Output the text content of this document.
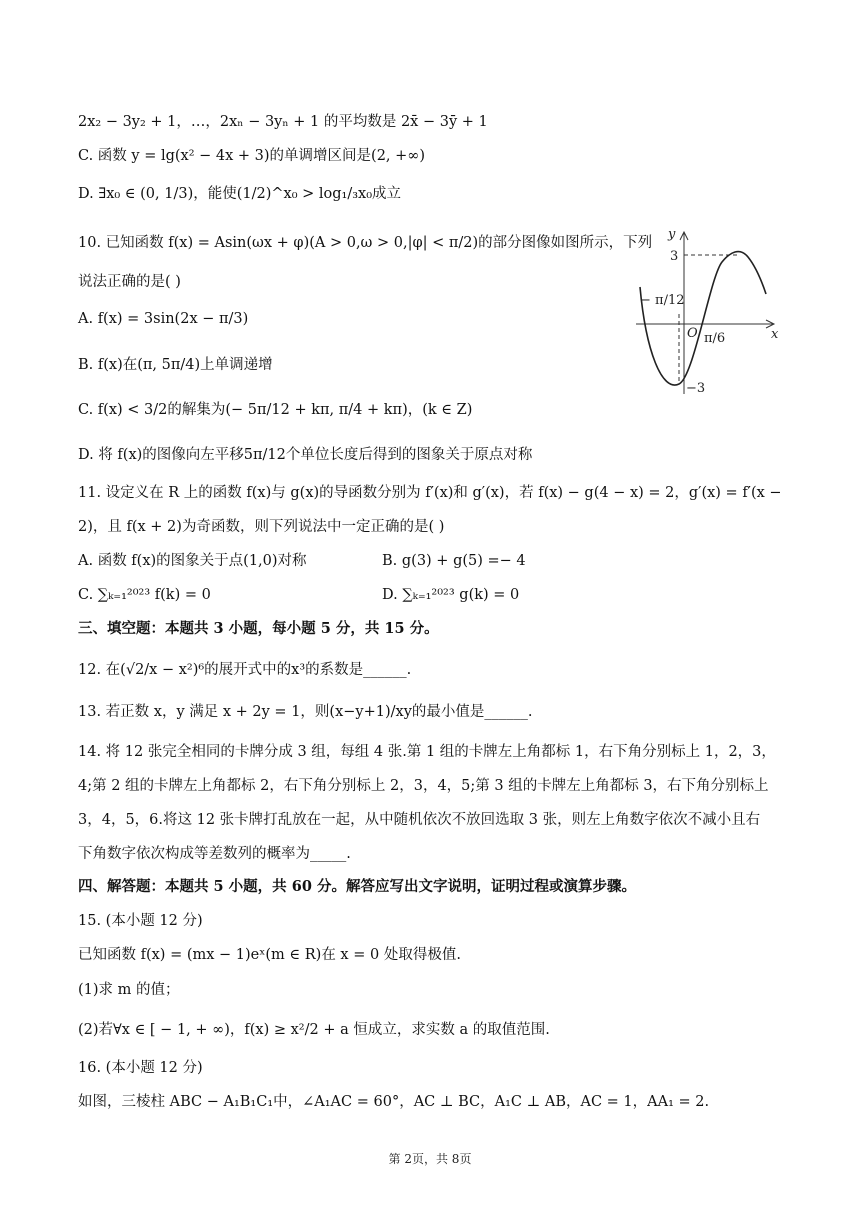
2x₂ − 3y₂ + 1，…，2xₙ − 3yₙ + 1 的平均数是 2x̄ − 3ȳ + 1
C. 函数 y = lg(x² − 4x + 3)的单调增区间是(2, +∞)
D. ∃x₀ ∈ (0, 1/3)，能使(1/2)^x₀ > log₁/₃x₀成立
10. 已知函数 f(x) = Asin(ωx + φ)(A > 0,ω > 0,|φ| < π/2)的部分图像如图所示，下列
说法正确的是( )
A. f(x) = 3sin(2x − π/3)
B. f(x)在(π, 5π/4)上单调递增
C. f(x) < 3/2的解集为(− 5π/12 + kπ, π/4 + kπ)，(k ∈ Z)
D. 将 f(x)的图像向左平移5π/12个单位长度后得到的图象关于原点对称
11. 设定义在 R 上的函数 f(x)与 g(x)的导函数分别为 f′(x)和 g′(x)，若 f(x) − g(4 − x) = 2，g′(x) = f′(x −
2)，且 f(x + 2)为奇函数，则下列说法中一定正确的是( )
A. 函数 f(x)的图象关于点(1,0)对称	B. g(3) + g(5) =− 4
C. ∑ₖ₌₁²⁰²³ f(k) = 0	D. ∑ₖ₌₁²⁰²³ g(k) = 0
三、填空题：本题共 3 小题，每小题 5 分，共 15 分。
12. 在(√2/x − x²)⁶的展开式中的x³的系数是______.
13. 若正数 x，y 满足 x + 2y = 1，则(x−y+1)/xy的最小值是______.
14. 将 12 张完全相同的卡牌分成 3 组，每组 4 张.第 1 组的卡牌左上角都标 1，右下角分别标上 1，2，3，
4;第 2 组的卡牌左上角都标 2，右下角分别标上 2，3，4，5;第 3 组的卡牌左上角都标 3，右下角分别标上
3，4，5，6.将这 12 张卡牌打乱放在一起，从中随机依次不放回选取 3 张，则左上角数字依次不减小且右
下角数字依次构成等差数列的概率为_____.
四、解答题：本题共 5 小题，共 60 分。解答应写出文字说明，证明过程或演算步骤。
15. (本小题 12 分)
已知函数 f(x) = (mx − 1)eˣ(m ∈ R)在 x = 0 处取得极值.
(1)求 m 的值；
(2)若∀x ∈ [ − 1, + ∞)，f(x) ≥ x²/2 + a 恒成立，求实数 a 的取值范围.
16. (本小题 12 分)
如图，三棱柱 ABC − A₁B₁C₁中，∠A₁AC = 60°，AC ⊥ BC，A₁C ⊥ AB，AC = 1，AA₁ = 2.
y
x
O
3
−3
− π/12
π/6
第 2页，共 8页
